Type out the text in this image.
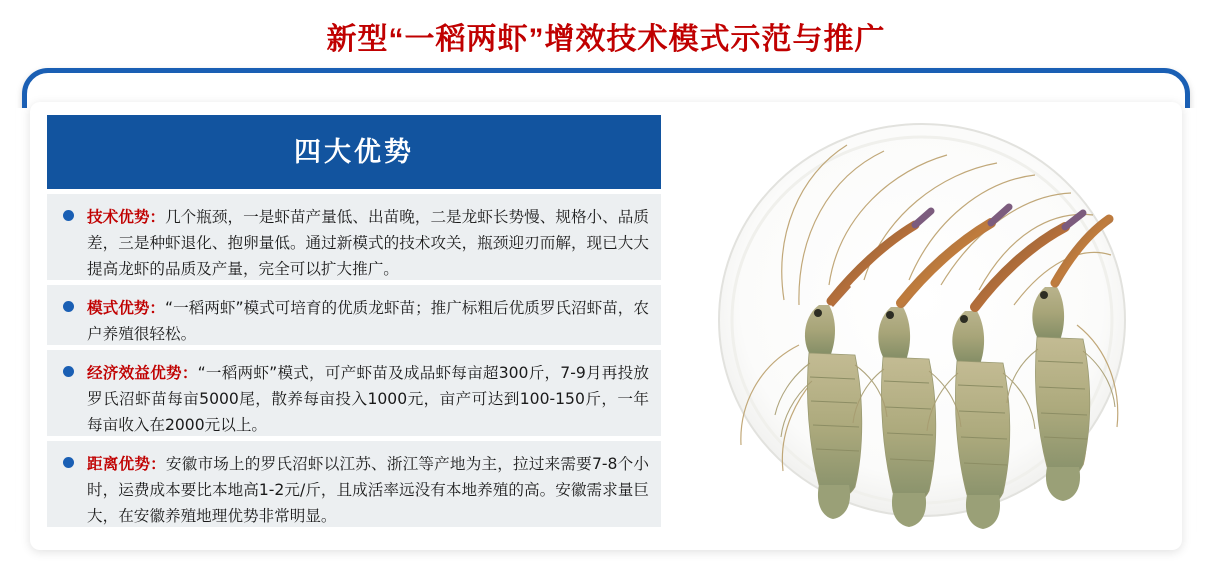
新型“一稻两虾”增效技术模式示范与推广
四大优势
技术优势：几个瓶颈，一是虾苗产量低、出苗晚，二是龙虾长势慢、规格小、品质差，三是种虾退化、抱卵量低。通过新模式的技术攻关，瓶颈迎刃而解，现已大大提高龙虾的品质及产量，完全可以扩大推广。
模式优势：“一稻两虾”模式可培育的优质龙虾苗；推广标粗后优质罗氏沼虾苗，农户养殖很轻松。
经济效益优势：“一稻两虾”模式，可产虾苗及成品虾每亩超300斤，7-9月再投放罗氏沼虾苗每亩5000尾，散养每亩投入1000元，亩产可达到100-150斤，一年每亩收入在2000元以上。
距离优势：安徽市场上的罗氏沼虾以江苏、浙江等产地为主，拉过来需要7-8个小时，运费成本要比本地高1-2元/斤，且成活率远没有本地养殖的高。安徽需求量巨大，在安徽养殖地理优势非常明显。
